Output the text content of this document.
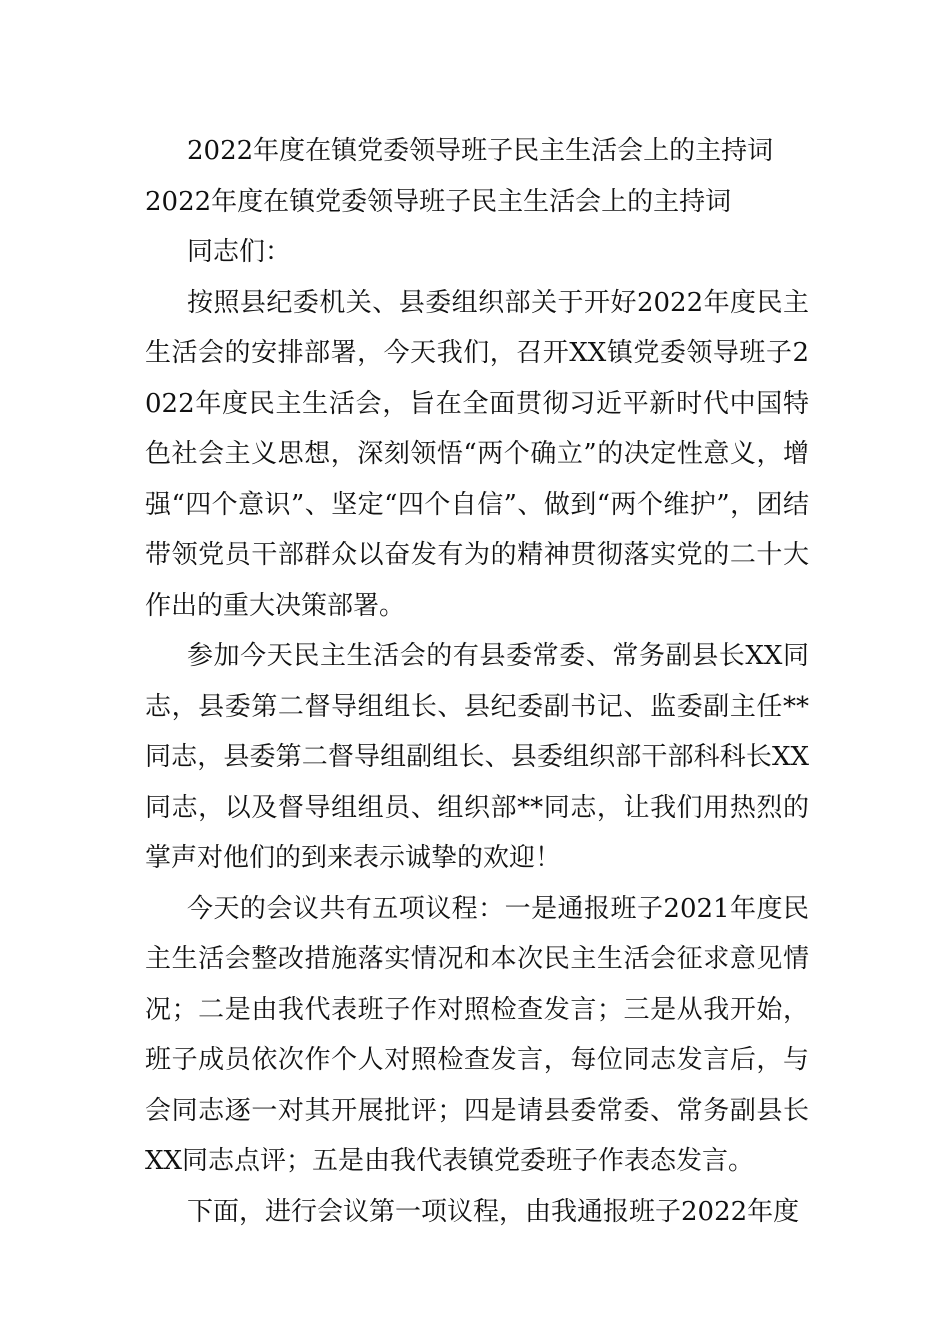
2022年度在镇党委领导班子民主生活会上的主持词

2022年度在镇党委领导班子民主生活会上的主持词

同志们：

按照县纪委机关、县委组织部关于开好2022年度民主生活会的安排部署，今天我们，召开XX镇党委领导班子2022年度民主生活会，旨在全面贯彻习近平新时代中国特色社会主义思想，深刻领悟“两个确立”的决定性意义，增强“四个意识”、坚定“四个自信”、做到“两个维护”，团结带领党员干部群众以奋发有为的精神贯彻落实党的二十大作出的重大决策部署。

参加今天民主生活会的有县委常委、常务副县长XX同志，县委第二督导组组长、县纪委副书记、监委副主任**同志，县委第二督导组副组长、县委组织部干部科科长XX同志，以及督导组组员、组织部**同志，让我们用热烈的掌声对他们的到来表示诚挚的欢迎！

今天的会议共有五项议程：一是通报班子2021年度民主生活会整改措施落实情况和本次民主生活会征求意见情况；二是由我代表班子作对照检查发言；三是从我开始，班子成员依次作个人对照检查发言，每位同志发言后，与会同志逐一对其开展批评；四是请县委常委、常务副县长XX同志点评；五是由我代表镇党委班子作表态发言。

下面，进行会议第一项议程，由我通报班子2022年度
